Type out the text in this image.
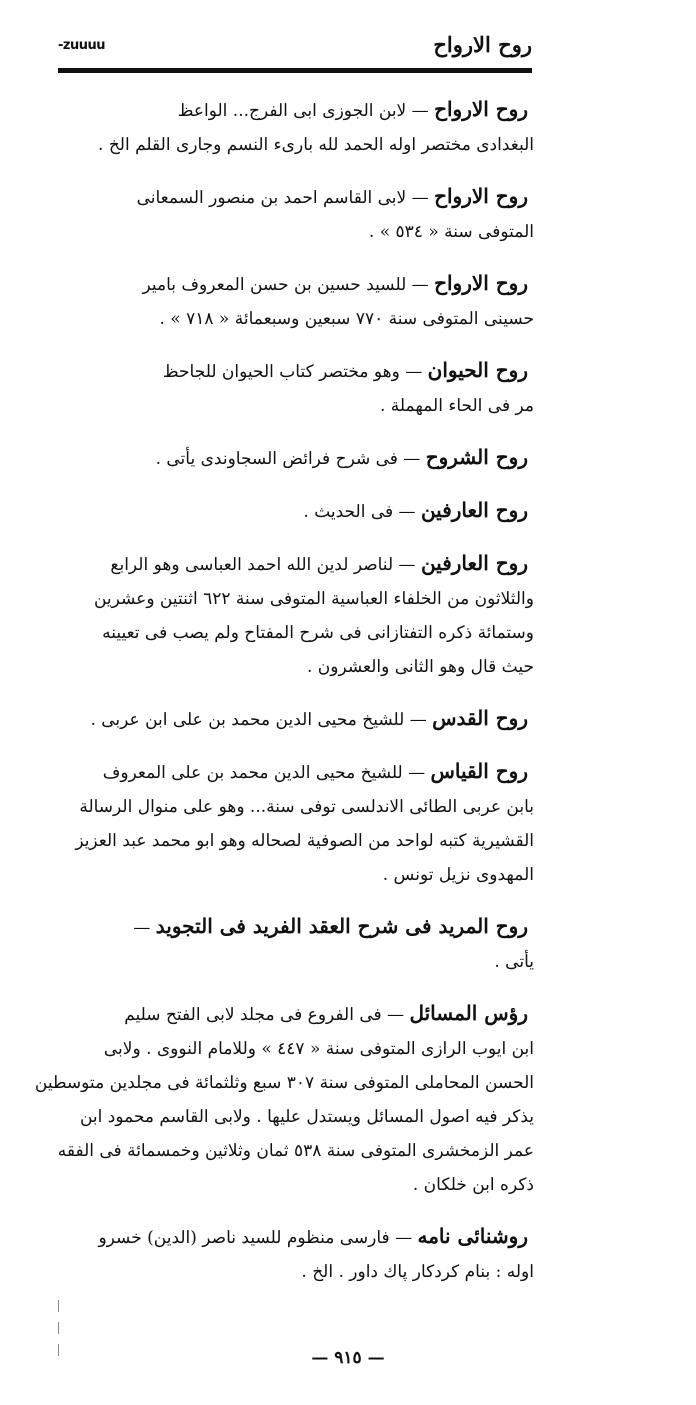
روح الارواح
-zuuuu
روح الارواح — لابن الجوزى ابى الفرج... الواعظ
البغدادى مختصر اوله الحمد لله بارىء النسم وجارى القلم الخ .
روح الارواح — لابى القاسم احمد بن منصور السمعانى
المتوفى سنة « ٥٣٤ » .
روح الارواح — للسيد حسين بن حسن المعروف بامير
حسينى المتوفى سنة ٧٧٠ سبعين وسبعمائة « ٧١٨ » .
روح الحيوان — وهو مختصر كتاب الحيوان للجاحظ
مر فى الحاء المهملة .
روح الشروح — فى شرح فرائض السجاوندى يأتى .
روح العارفين — فى الحديث .
روح العارفين — لناصر لدين الله احمد العباسى وهو الرابع
والثلاثون من الخلفاء العباسية المتوفى سنة ٦٢٢ اثنتين وعشرين
وستمائة ذكره التفتازانى فى شرح المفتاح ولم يصب فى تعيينه
حيث قال وهو الثانى والعشرون .
روح القدس — للشيخ محيى الدين محمد بن على ابن عربى .
روح القياس — للشيخ محيى الدين محمد بن على المعروف
بابن عربى الطائى الاندلسى توفى سنة... وهو على منوال الرسالة
القشيرية كتبه لواحد من الصوفية لصحاله وهو ابو محمد عبد العزيز
المهدوى نزيل تونس .
روح المريد فى شرح العقد الفريد فى التجويد —
يأتى .
رؤس المسائل — فى الفروع فى مجلد لابى الفتح سليم
ابن ايوب الرازى المتوفى سنة « ٤٤٧ » وللامام النووى . ولابى
الحسن المحاملى المتوفى سنة ٣٠٧ سبع وثلثمائة فى مجلدين متوسطين
يذكر فيه اصول المسائل ويستدل عليها . ولابى القاسم محمود ابن
عمر الزمخشرى المتوفى سنة ٥٣٨ ثمان وثلاثين وخمسمائة فى الفقه
ذكره ابن خلكان .
روشنائى نامه — فارسى منظوم للسيد ناصر (الدين) خسرو
اوله : بنام كردكار پاك داور . الخ .
— ٩١٥ —
